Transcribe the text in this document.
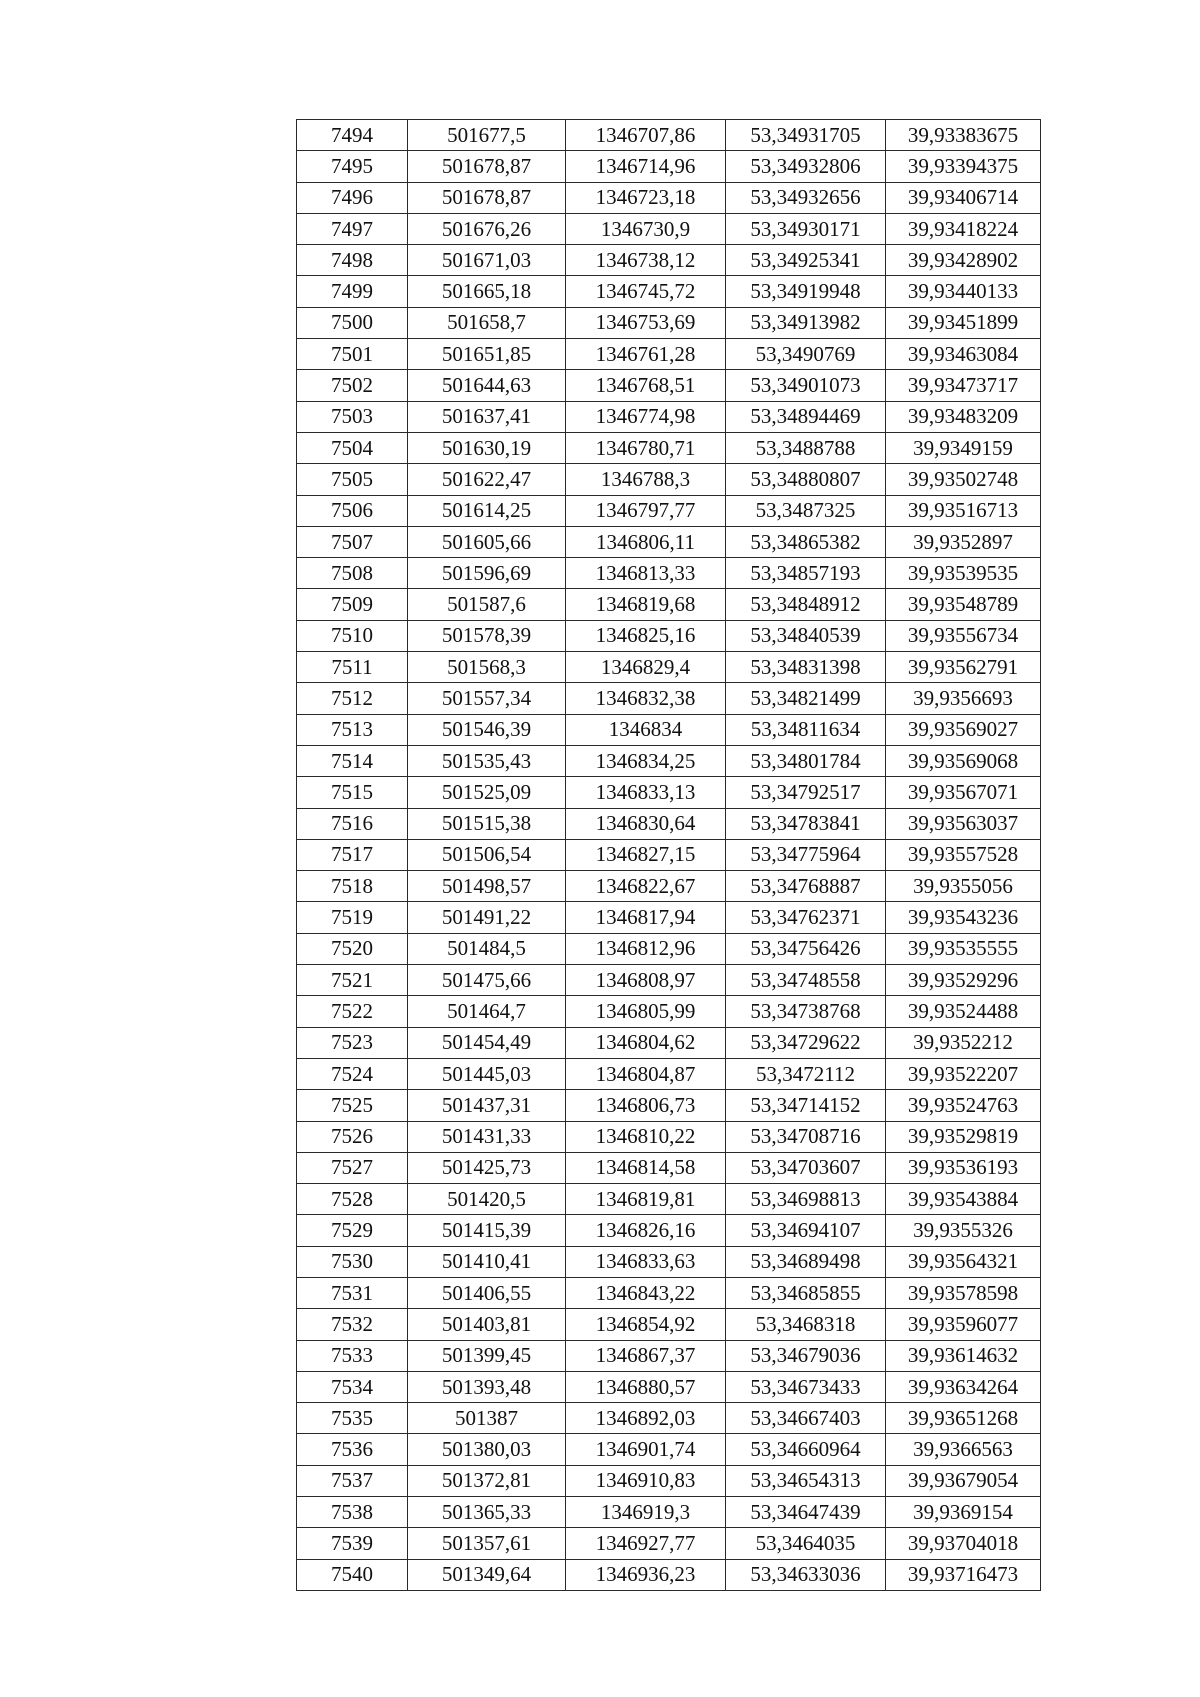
7494	501677,5	1346707,86	53,34931705	39,93383675
7495	501678,87	1346714,96	53,34932806	39,93394375
7496	501678,87	1346723,18	53,34932656	39,93406714
7497	501676,26	1346730,9	53,34930171	39,93418224
7498	501671,03	1346738,12	53,34925341	39,93428902
7499	501665,18	1346745,72	53,34919948	39,93440133
7500	501658,7	1346753,69	53,34913982	39,93451899
7501	501651,85	1346761,28	53,3490769	39,93463084
7502	501644,63	1346768,51	53,34901073	39,93473717
7503	501637,41	1346774,98	53,34894469	39,93483209
7504	501630,19	1346780,71	53,3488788	39,9349159
7505	501622,47	1346788,3	53,34880807	39,93502748
7506	501614,25	1346797,77	53,3487325	39,93516713
7507	501605,66	1346806,11	53,34865382	39,9352897
7508	501596,69	1346813,33	53,34857193	39,93539535
7509	501587,6	1346819,68	53,34848912	39,93548789
7510	501578,39	1346825,16	53,34840539	39,93556734
7511	501568,3	1346829,4	53,34831398	39,93562791
7512	501557,34	1346832,38	53,34821499	39,9356693
7513	501546,39	1346834	53,34811634	39,93569027
7514	501535,43	1346834,25	53,34801784	39,93569068
7515	501525,09	1346833,13	53,34792517	39,93567071
7516	501515,38	1346830,64	53,34783841	39,93563037
7517	501506,54	1346827,15	53,34775964	39,93557528
7518	501498,57	1346822,67	53,34768887	39,9355056
7519	501491,22	1346817,94	53,34762371	39,93543236
7520	501484,5	1346812,96	53,34756426	39,93535555
7521	501475,66	1346808,97	53,34748558	39,93529296
7522	501464,7	1346805,99	53,34738768	39,93524488
7523	501454,49	1346804,62	53,34729622	39,9352212
7524	501445,03	1346804,87	53,3472112	39,93522207
7525	501437,31	1346806,73	53,34714152	39,93524763
7526	501431,33	1346810,22	53,34708716	39,93529819
7527	501425,73	1346814,58	53,34703607	39,93536193
7528	501420,5	1346819,81	53,34698813	39,93543884
7529	501415,39	1346826,16	53,34694107	39,9355326
7530	501410,41	1346833,63	53,34689498	39,93564321
7531	501406,55	1346843,22	53,34685855	39,93578598
7532	501403,81	1346854,92	53,3468318	39,93596077
7533	501399,45	1346867,37	53,34679036	39,93614632
7534	501393,48	1346880,57	53,34673433	39,93634264
7535	501387	1346892,03	53,34667403	39,93651268
7536	501380,03	1346901,74	53,34660964	39,9366563
7537	501372,81	1346910,83	53,34654313	39,93679054
7538	501365,33	1346919,3	53,34647439	39,9369154
7539	501357,61	1346927,77	53,3464035	39,93704018
7540	501349,64	1346936,23	53,34633036	39,93716473
